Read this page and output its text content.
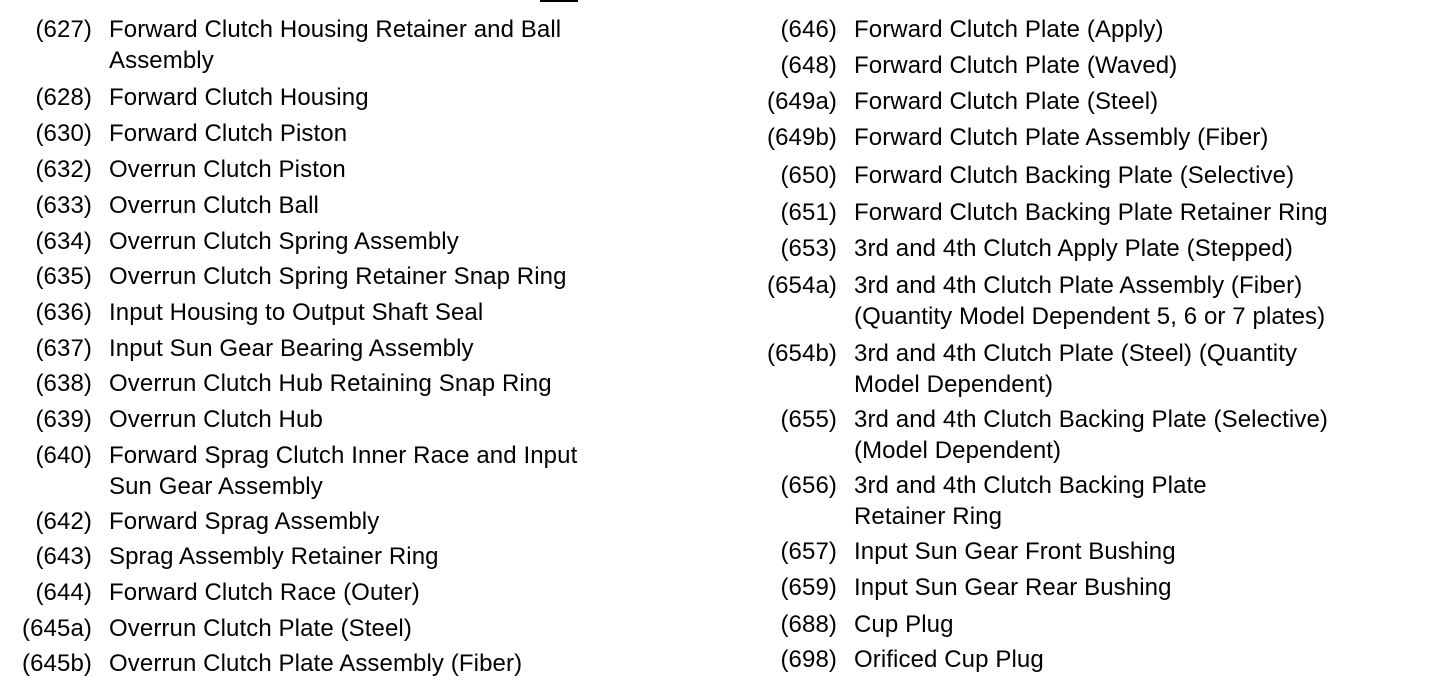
(627) Forward Clutch Housing Retainer and Ball
Assembly
(628) Forward Clutch Housing
(630) Forward Clutch Piston
(632) Overrun Clutch Piston
(633) Overrun Clutch Ball
(634) Overrun Clutch Spring Assembly
(635) Overrun Clutch Spring Retainer Snap Ring
(636) Input Housing to Output Shaft Seal
(637) Input Sun Gear Bearing Assembly
(638) Overrun Clutch Hub Retaining Snap Ring
(639) Overrun Clutch Hub
(640) Forward Sprag Clutch Inner Race and Input
Sun Gear Assembly
(642) Forward Sprag Assembly
(643) Sprag Assembly Retainer Ring
(644) Forward Clutch Race (Outer)
(645a) Overrun Clutch Plate (Steel)
(645b) Overrun Clutch Plate Assembly (Fiber)
(646) Forward Clutch Plate (Apply)
(648) Forward Clutch Plate (Waved)
(649a) Forward Clutch Plate (Steel)
(649b) Forward Clutch Plate Assembly (Fiber)
(650) Forward Clutch Backing Plate (Selective)
(651) Forward Clutch Backing Plate Retainer Ring
(653) 3rd and 4th Clutch Apply Plate (Stepped)
(654a) 3rd and 4th Clutch Plate Assembly (Fiber)
(Quantity Model Dependent 5, 6 or 7 plates)
(654b) 3rd and 4th Clutch Plate (Steel) (Quantity
Model Dependent)
(655) 3rd and 4th Clutch Backing Plate (Selective)
(Model Dependent)
(656) 3rd and 4th Clutch Backing Plate
Retainer Ring
(657) Input Sun Gear Front Bushing
(659) Input Sun Gear Rear Bushing
(688) Cup Plug
(698) Orificed Cup Plug
